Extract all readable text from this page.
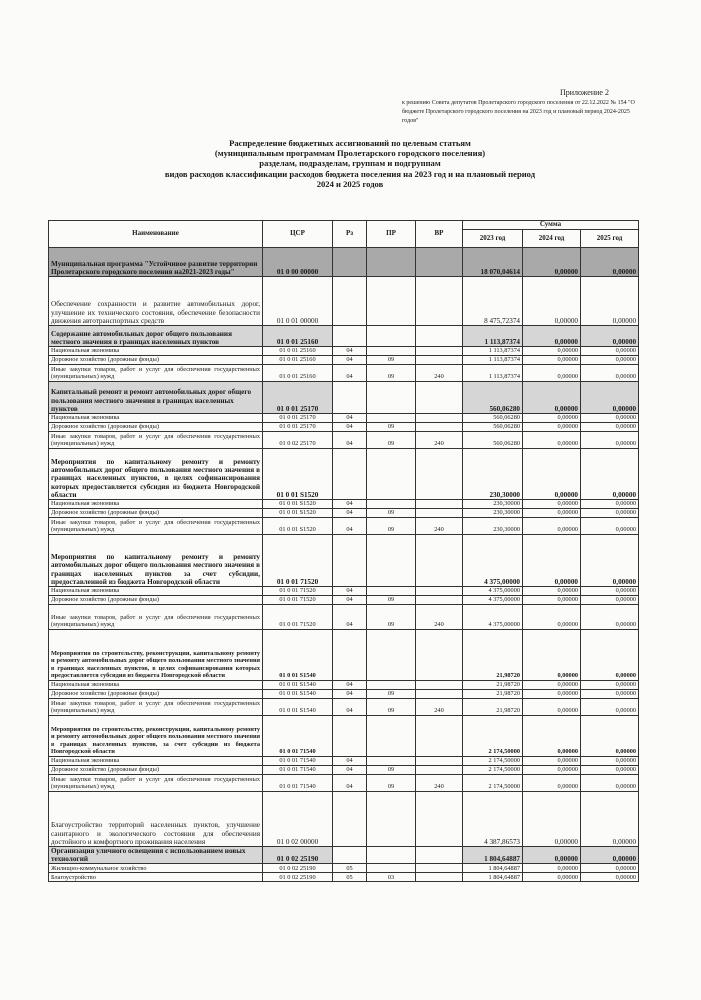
Приложение 2
к решению Совета депутатов Пролетарского городского поселения от 22.12.2022 № 154 "О бюджете Пролетарского городского поселения на 2023 год и плановый период 2024-2025 годов"
Распределение бюджетных ассигнований по целевым статьям
(муниципальным программам Пролетарского городского поселения)
разделам, подразделам, группам и подгруппам
видов расходов классификации расходов бюджета поселения на 2023 год и на плановый период
2024 и 2025 годов
Наименование	ЦСР	Рз	ПР	ВР	Сумма		
					2023 год	2024 год	2025 год
Муниципальная программа "Устойчивое развитие территории Пролетарского городского поселения на2021-2023 годы"	01 0 00 00000				18 070,04614	0,00000	0,00000
Обеспечение сохранности и развитие автомобильных дорог, улучшение их технического состояния, обеспечение безопасности движения автотранспортных средств	01 0 01 00000				8 475,72374	0,00000	0,00000
Содержание автомобильных дорог общего пользования местного значения в границах населенных пунктов	01 0 01 25160				1 113,87374	0,00000	0,00000
Национальная экономика	01 0 01 25160	04			1 113,87374	0,00000	0,00000
Дорожное хозяйство (дорожные фонды)	01 0 01 25160	04	09		1 113,87374	0,00000	0,00000
Иные закупки товаров, работ и услуг для обеспечения государственных (муниципальных) нужд	01 0 01 25160	04	09	240	1 113,87374	0,00000	0,00000
Капитальный ремонт и ремонт автомобильных дорог общего пользования местного значения в границах населенных пунктов	01 0 01 25170				560,06280	0,00000	0,00000
Национальная экономика	01 0 01 25170	04			560,06280	0,00000	0,00000
Дорожное хозяйство (дорожные фонды)	01 0 01 25170	04	09		560,06280	0,00000	0,00000
Иные закупки товаров, работ и услуг для обеспечения государственных (муниципальных) нужд	01 0 02 25170	04	09	240	560,06280	0,00000	0,00000
Мероприятия по капитальному ремонту и ремонту автомобильных дорог общего пользования местного значения в границах населенных пунктов, в целях софинансирования которых предоставляется субсидия из бюджета Новгородской области	01 0 01 S1520				230,30000	0,00000	0,00000
Национальная экономика	01 0 01 S1520	04			230,30000	0,00000	0,00000
Дорожное хозяйство (дорожные фонды)	01 0 01 S1520	04	09		230,30000	0,00000	0,00000
Иные закупки товаров, работ и услуг для обеспечения государственных (муниципальных) нужд	01 0 01 S1520	04	09	240	230,30000	0,00000	0,00000
Мероприятия по капитальному ремонту и ремонту автомобильных дорог общего пользования местного значения в границах населенных пунктов за счет субсидии, предоставленной из бюджета Новгородской области	01 0 01 71520				4 375,00000	0,00000	0,00000
Национальная экономика	01 0 01 71520	04			4 375,00000	0,00000	0,00000
Дорожное хозяйство (дорожные фонды)	01 0 01 71520	04	09		4 375,00000	0,00000	0,00000
Иные закупки товаров, работ и услуг для обеспечения государственных (муниципальных) нужд	01 0 01 71520	04	09	240	4 375,00000	0,00000	0,00000
Мероприятия по строительству, реконструкции, капитальному ремонту и ремонту автомобильных дорог общего пользования местного значения в границах населенных пунктов, в целях софинансирования которых предоставляется субсидия из бюджета Новгородской области	01 0 01 S1540				21,98720	0,00000	0,00000
Национальная экономика	01 0 01 S1540	04			21,98720	0,00000	0,00000
Дорожное хозяйство (дорожные фонды)	01 0 01 S1540	04	09		21,98720	0,00000	0,00000
Иные закупки товаров, работ и услуг для обеспечения государственных (муниципальных) нужд	01 0 01 S1540	04	09	240	21,98720	0,00000	0,00000
Мероприятия по строительству, реконструкции, капитальному ремонту и ремонту автомобильных дорог общего пользования местного значения в границах населенных пунктов, за счет субсидии из бюджета Новгородской области	01 0 01 71540				2 174,50000	0,00000	0,00000
Национальная экономика	01 0 01 71540	04			2 174,50000	0,00000	0,00000
Дорожное хозяйство (дорожные фонды)	01 0 01 71540	04	09		2 174,50000	0,00000	0,00000
Иные закупки товаров, работ и услуг для обеспечения государственных (муниципальных) нужд	01 0 01 71540	04	09	240	2 174,50000	0,00000	0,00000
Благоустройство территорий населенных пунктов, улучшение санитарного и экологического состояния для обеспечения достойного и комфортного проживания населения	01 0 02 00000				4 387,86573	0,00000	0,00000
Организация уличного освещения с использованием новых технологий	01 0 02 25190				1 804,64887	0,00000	0,00000
Жилищно-коммунальное хозяйство	01 0 02 25190	05			1 804,64887	0,00000	0,00000
Благоустройство	01 0 02 25190	05	03		1 804,64887	0,00000	0,00000
